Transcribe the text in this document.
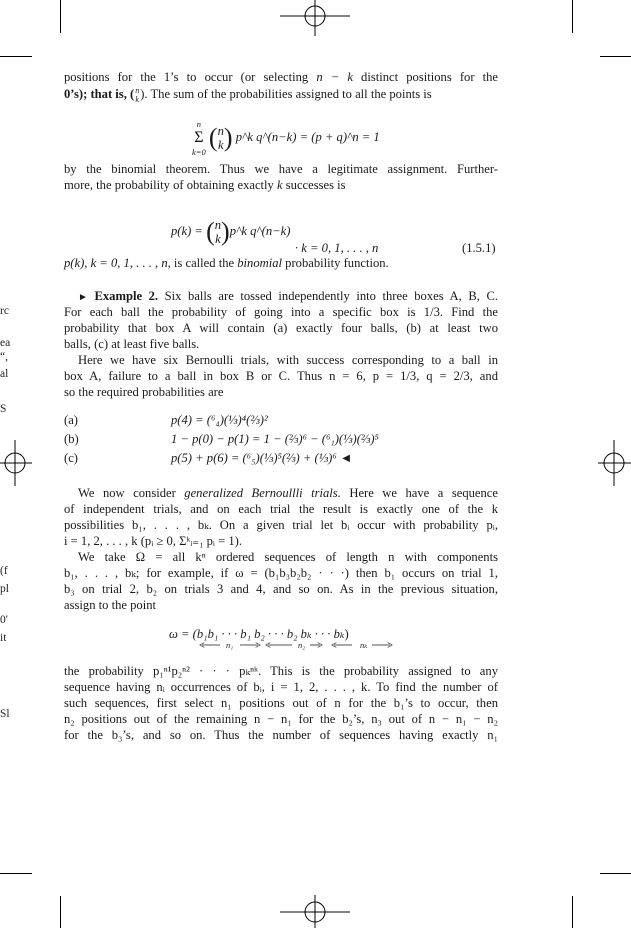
rc
ea
“,
al
S
(f
pl
0'
it
Sl
positions for the 1’s to occur (or selecting n − k distinct positions for the
0’s); that is, ( n
k ). The sum of the probabilities assigned to all the points is
n
Σ
k=0 ( n
k ) p^k q^(n−k) = (p + q)^n = 1
by the binomial theorem. Thus we have a legitimate assignment. Further-
more, the probability of obtaining exactly k successes is
p(k) = ( n
k )p^k q^(n−k)
· k = 0, 1, . . . , n	(1.5.1)
p(k), k = 0, 1, . . . , n, is called the binomial probability function.
► Example 2. Six balls are tossed independently into three boxes A, B, C.
For each ball the probability of going into a specific box is 1/3. Find the
probability that box A will contain (a) exactly four balls, (b) at least two
balls, (c) at least five balls.
Here we have six Bernoulli trials, with success corresponding to a ball in
box A, failure to a ball in box B or C. Thus n = 6, p = 1/3, q = 2/3, and
so the required probabilities are
(a)	p(4) = (⁶₄)(⅓)⁴(⅔)²
(b)	1 − p(0) − p(1) = 1 − (⅔)⁶ − (⁶₁)(⅓)(⅔)⁵
(c)	p(5) + p(6) = (⁶₅)(⅓)⁵(⅔) + (⅓)⁶ ◄
We now consider generalized Bernoullli trials. Here we have a sequence
of independent trials, and on each trial the result is exactly one of the k
possibilities b₁, . . . , bₖ. On a given trial let bᵢ occur with probability pᵢ,
i = 1, 2, . . . , k (pᵢ ≥ 0, Σᵏᵢ₌₁ pᵢ = 1).
We take Ω = all kⁿ ordered sequences of length n with components
b₁, . . . , bₖ; for example, if ω = (b₁b₃b₂b₂ · · ·) then b₁ occurs on trial 1,
b₃ on trial 2, b₂ on trials 3 and 4, and so on. As in the previous situation,
assign to the point
ω = (b₁b₁ · · · b₁ b₂ · · · b₂ bₖ · · · bₖ)
n₁	n₂	nₖ
the probability p₁ⁿ¹p₂ⁿ² · · · pₖⁿᵏ. This is the probability assigned to any
sequence having nᵢ occurrences of bᵢ, i = 1, 2, . . . , k. To find the number of
such sequences, first select n₁ positions out of n for the b₁’s to occur, then
n₂ positions out of the remaining n − n₁ for the b₂’s, n₃ out of n − n₁ − n₂
for the b₃’s, and so on. Thus the number of sequences having exactly n₁
